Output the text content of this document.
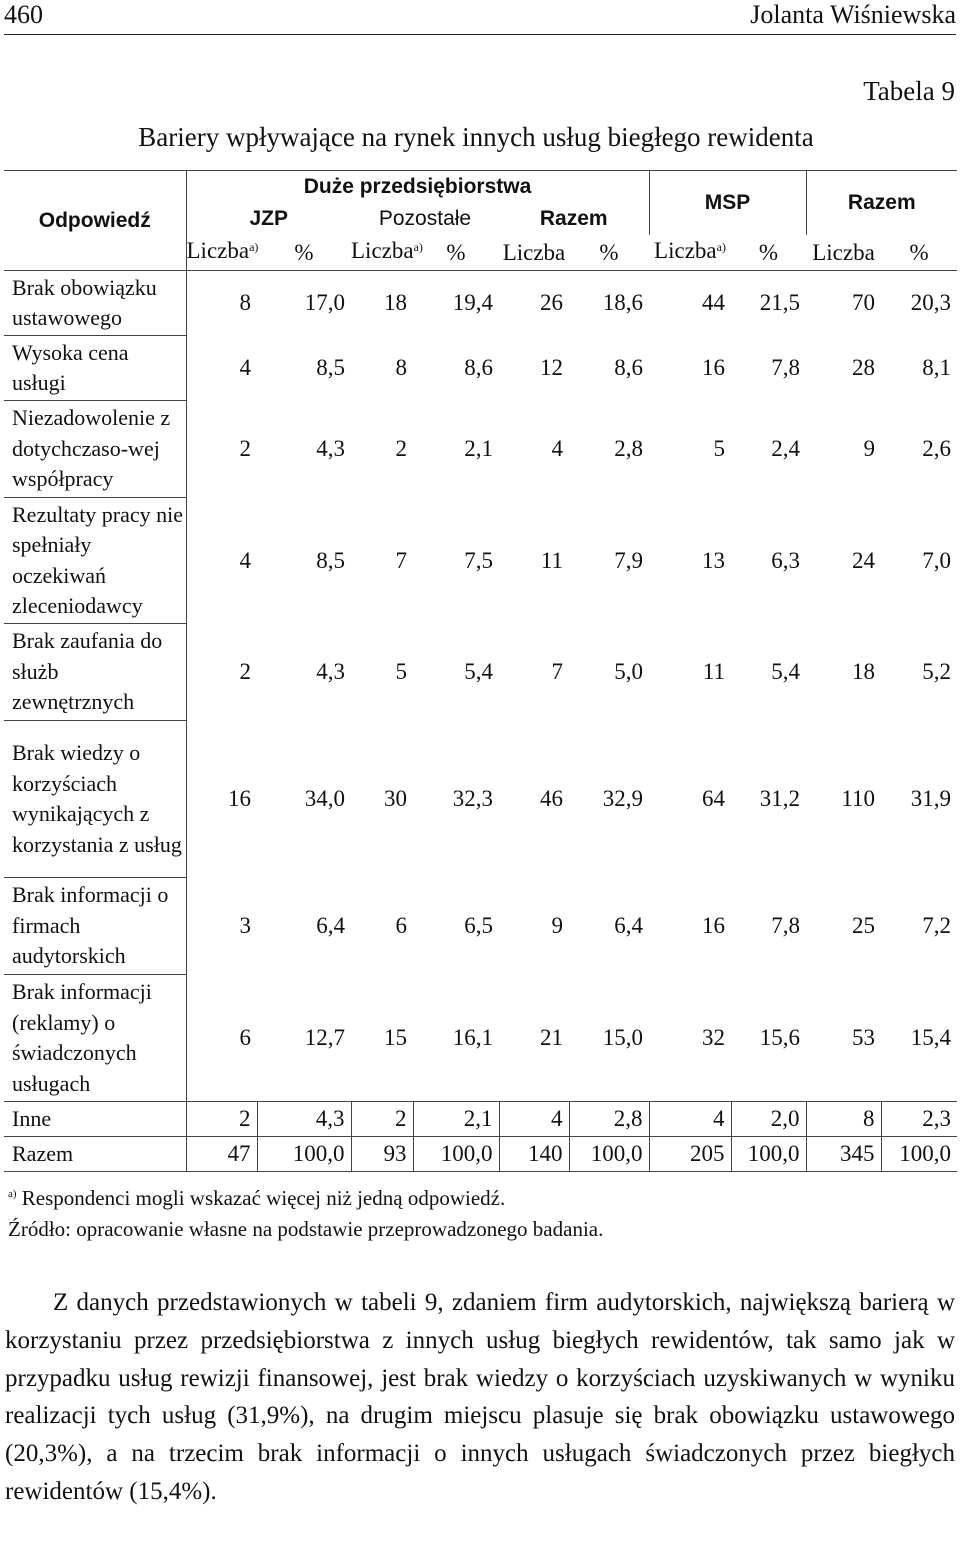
460	Jolanta Wiśniewska
Tabela 9
Bariery wpływające na rynek innych usług biegłego rewidenta
Odpowiedź	Duże przedsiębiorstwa						MSP		Razem	
	JZP		Pozostałe		Razem					
	Liczba$^{a)}$	%	Liczba$^{a)}$	%	Liczba	%	Liczba$^{a)}$	%	Liczba	%
Brak obowiązku ustawowego	8	17,0	18	19,4	26	18,6	44	21,5	70	20,3
Wysoka cena usługi	4	8,5	8	8,6	12	8,6	16	7,8	28	8,1
Niezadowolenie z dotychczaso-wej współpracy	2	4,3	2	2,1	4	2,8	5	2,4	9	2,6
Rezultaty pracy nie spełniały oczekiwań zleceniodawcy	4	8,5	7	7,5	11	7,9	13	6,3	24	7,0
Brak zaufania do służb zewnętrznych	2	4,3	5	5,4	7	5,0	11	5,4	18	5,2
Brak wiedzy o korzyściach wynikających z korzystania z usług	16	34,0	30	32,3	46	32,9	64	31,2	110	31,9
Brak informacji o firmach audytorskich	3	6,4	6	6,5	9	6,4	16	7,8	25	7,2
Brak informacji (reklamy) o świadczonych usługach	6	12,7	15	16,1	21	15,0	32	15,6	53	15,4
Inne	2	4,3	2	2,1	4	2,8	4	2,0	8	2,3
Razem	47	100,0	93	100,0	140	100,0	205	100,0	345	100,0
$^{a)}$ Respondenci mogli wskazać więcej niż jedną odpowiedź.
Źródło: opracowanie własne na podstawie przeprowadzonego badania.
Z danych przedstawionych w tabeli 9, zdaniem firm audytorskich, największą barierą w korzystaniu przez przedsiębiorstwa z innych usług biegłych rewidentów, tak samo jak w przypadku usług rewizji finansowej, jest brak wiedzy o korzyściach uzyskiwanych w wyniku realizacji tych usług (31,9%), na drugim miejscu plasuje się brak obowiązku ustawowego (20,3%), a na trzecim brak informacji o innych usługach świadczonych przez biegłych rewidentów (15,4%).
